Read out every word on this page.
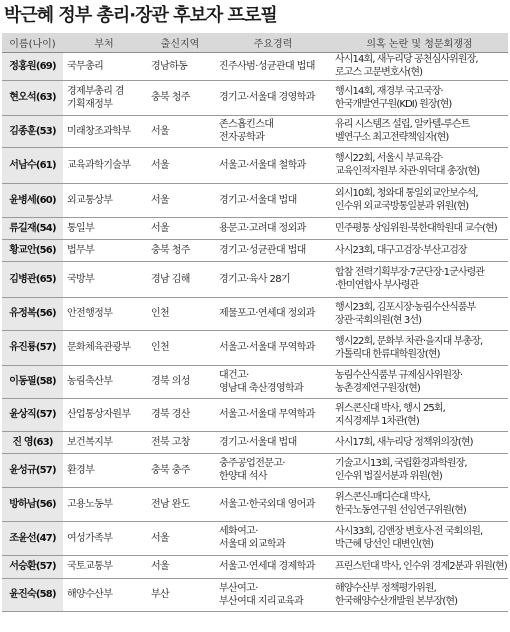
박근혜 정부 총리·장관 후보자 프로필
이름(나이)	부처	출신지역	주요경력	의혹 논란 및 청문회쟁점
정홍원(69)	국무총리	경남하동	진주사범·성균관대 법대	사시14회, 새누리당 공천심사위원장,
로고스 고문변호사(현)

현오석(63)	경제부총리 겸
기획재정부	충북 청주	경기고·서울대 경영학과	행시14회, 재경부 국고국장·
한국개발연구원(KDI) 원장(현)

김종훈(53)	미래창조과학부	서울	존스홉킨스대
전자공학과	유리 시스템즈 설립, 알카텔-루슨트
벨연구소 최고전략책임자(현)

서남수(61)	교육과학기술부	서울	서울고·서울대 철학과	행시22회, 서울시 부교육감·
교육인적자원부 차관·위덕대 총장(현)

윤병세(60)	외교통상부	서울	경기고·서울대 법대	외시10회, 청와대 통일외교안보수석,
인수위 외교국방통일분과 위원(현)

류길재(54)	통일부	서울	용문고·고려대 정외과	민주평통 상임위원·북한대학원대 교수(현)

황교안(56)	법무부	충북 청주	경기고·성균관대 법대	사시23회, 대구고검장·부산고검장

김병관(65)	국방부	경남 김해	경기고·육사 28기	합참 전력기획부장·7군단장·1군사령관
·한미연합사 부사령관

유정복(56)	안전행정부	인천	제물포고·연세대 정외과	행시23회, 김포시장·농림수산식품부
장관·국회의원(현 3선)

유진룡(57)	문화체육관광부	인천	서울고·서울대 무역학과	행시22회, 문화부 차관·을지대 부총장,
가톨릭대 한류대학원장(현)

이동필(58)	농림축산부	경북 의성	대건고·
영남대 축산경영학과	농림수산식품부 규제심사위원장·
농촌경제연구원장(현)

윤상직(57)	산업통상자원부	경북 경산	서울고·서울대 무역학과	위스콘신대 박사, 행시 25회,
지식경제부 1차관(현)

진 영(63)	보건복지부	전북 고창	경기고·서울대 법대	사시17회, 새누리당 정책위의장(현)

윤성규(57)	환경부	충북 충주	충주공업전문고·
한양대 석사	기술고시13회, 국립환경과학원장,
인수위 법질서분과 위원(현)

방하남(56)	고용노동부	전남 완도	서울고·한국외대 영어과	위스콘신-매디슨대 박사,
한국노동연구원 선임연구위원(현)

조윤선(47)	여성가족부	서울	세화여고·
서울대 외교학과	사시33회, 김앤장 변호사·전 국회의원,
박근혜 당선인 대변인(현)

서승환(57)	국토교통부	서울	서울고·연세대 경제학과	프린스턴대 박사, 인수위 경제2분과 위원(현)

윤진숙(58)	해양수산부	부산	부산여고·
부산여대 지리교육과	해양수산부 정책평가위원,
한국해양수산개발원 본부장(현)
